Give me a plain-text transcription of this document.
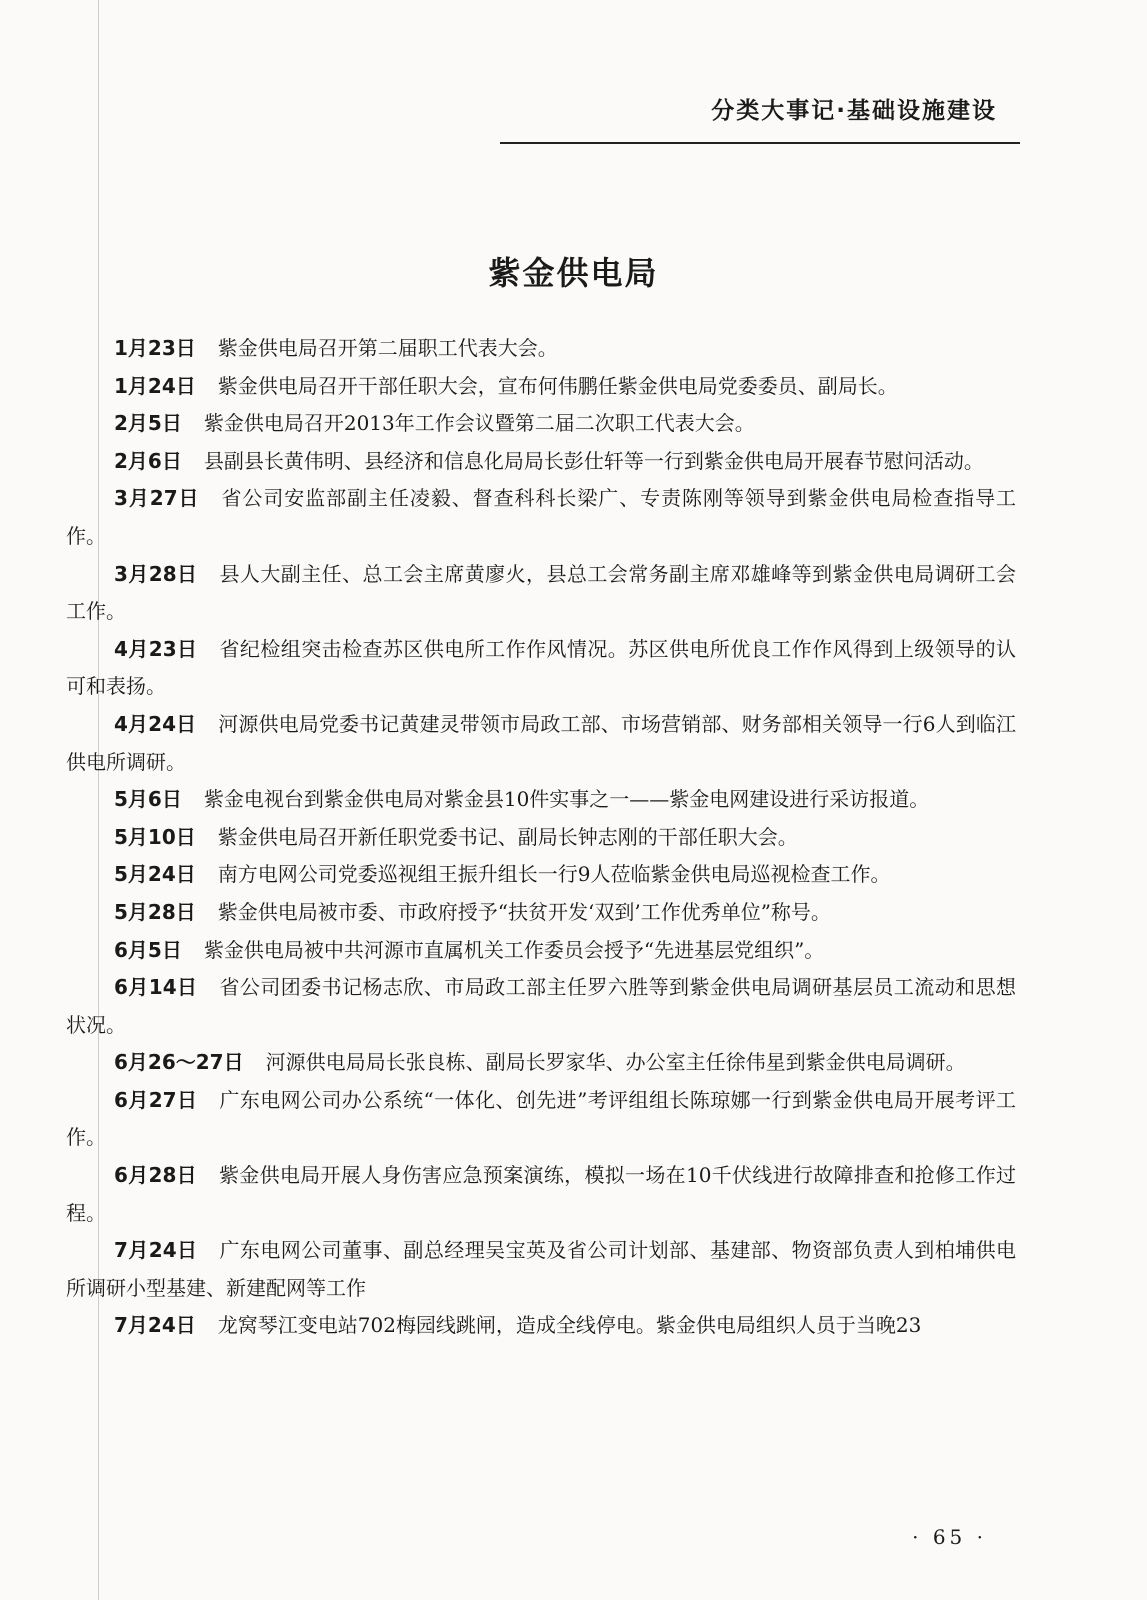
分类大事记·基础设施建设
紫金供电局

1月23日 紫金供电局召开第二届职工代表大会。

1月24日 紫金供电局召开干部任职大会，宣布何伟鹏任紫金供电局党委委员、副局长。

2月5日 紫金供电局召开2013年工作会议暨第二届二次职工代表大会。

2月6日 县副县长黄伟明、县经济和信息化局局长彭仕轩等一行到紫金供电局开展春节慰问活动。

3月27日 省公司安监部副主任凌毅、督查科科长梁广、专责陈刚等领导到紫金供电局检查指导工作。

3月28日 县人大副主任、总工会主席黄廖火，县总工会常务副主席邓雄峰等到紫金供电局调研工会工作。

4月23日 省纪检组突击检查苏区供电所工作作风情况。苏区供电所优良工作作风得到上级领导的认可和表扬。

4月24日 河源供电局党委书记黄建灵带领市局政工部、市场营销部、财务部相关领导一行6人到临江供电所调研。

5月6日 紫金电视台到紫金供电局对紫金县10件实事之一——紫金电网建设进行采访报道。

5月10日 紫金供电局召开新任职党委书记、副局长钟志刚的干部任职大会。

5月24日 南方电网公司党委巡视组王振升组长一行9人莅临紫金供电局巡视检查工作。

5月28日 紫金供电局被市委、市政府授予“扶贫开发‘双到’工作优秀单位”称号。

6月5日 紫金供电局被中共河源市直属机关工作委员会授予“先进基层党组织”。

6月14日 省公司团委书记杨志欣、市局政工部主任罗六胜等到紫金供电局调研基层员工流动和思想状况。

6月26～27日 河源供电局局长张良栋、副局长罗家华、办公室主任徐伟星到紫金供电局调研。

6月27日 广东电网公司办公系统“一体化、创先进”考评组组长陈琼娜一行到紫金供电局开展考评工作。

6月28日 紫金供电局开展人身伤害应急预案演练，模拟一场在10千伏线进行故障排查和抢修工作过程。

7月24日 广东电网公司董事、副总经理吴宝英及省公司计划部、基建部、物资部负责人到柏埔供电所调研小型基建、新建配网等工作

7月24日 龙窝琴江变电站702梅园线跳闸，造成全线停电。紫金供电局组织人员于当晚23

· 65 ·
